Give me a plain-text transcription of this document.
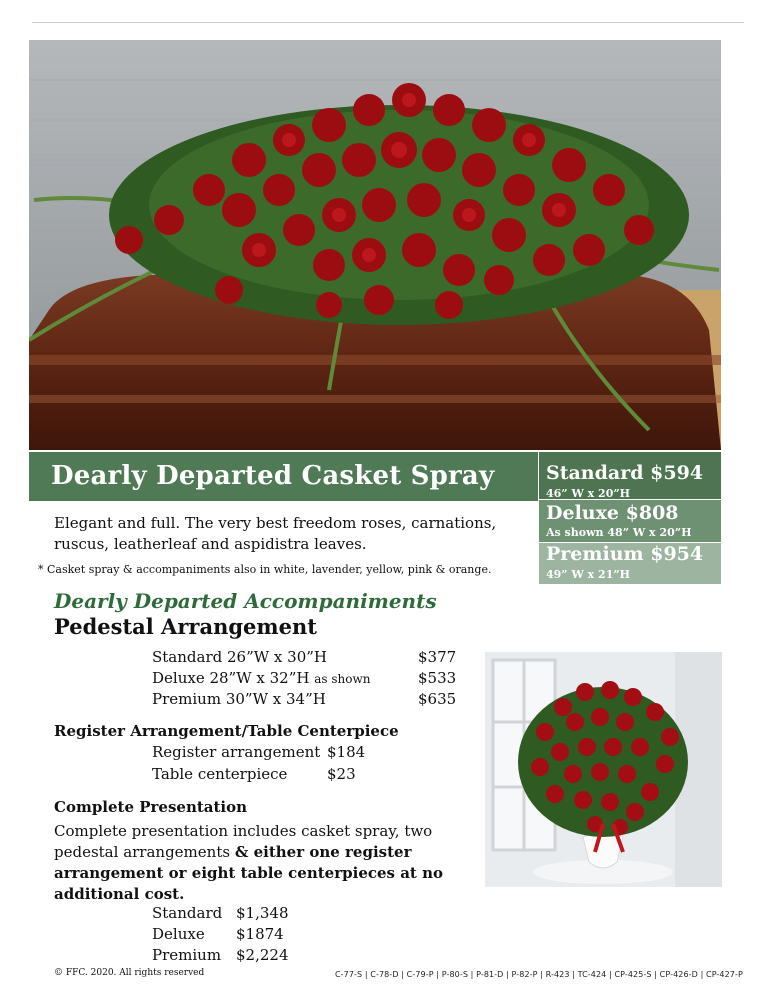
Dearly Departed Casket Spray	Standard $594
46” W x 20”H
Deluxe $808
As shown 48” W x 20”H
Premium $954
49” W x 21”H
Elegant and full. The very best freedom roses, carnations, ruscus, leatherleaf and aspidistra leaves.
* Casket spray & accompaniments also in white, lavender, yellow, pink & orange.
Dearly Departed Accompaniments
Pedestal Arrangement
Standard 26”W x 30”H	$377
Deluxe 28”W x 32”H as shown	$533
Premium 30”W x 34”H	$635
Register Arrangement/Table Centerpiece
Register arrangement $184
Table centerpiece	$23
Complete Presentation
Complete presentation includes casket spray, two pedestal arrangements & either one register arrangement or eight table centerpieces at no additional cost.
Standard $1,348
Deluxe $1874
Premium $2,224
© FFC. 2020. All rights reserved	C-77-S | C-78-D | C-79-P | P-80-S | P-81-D | P-82-P | R-423 | TC-424 | CP-425-S | CP-426-D | CP-427-P
